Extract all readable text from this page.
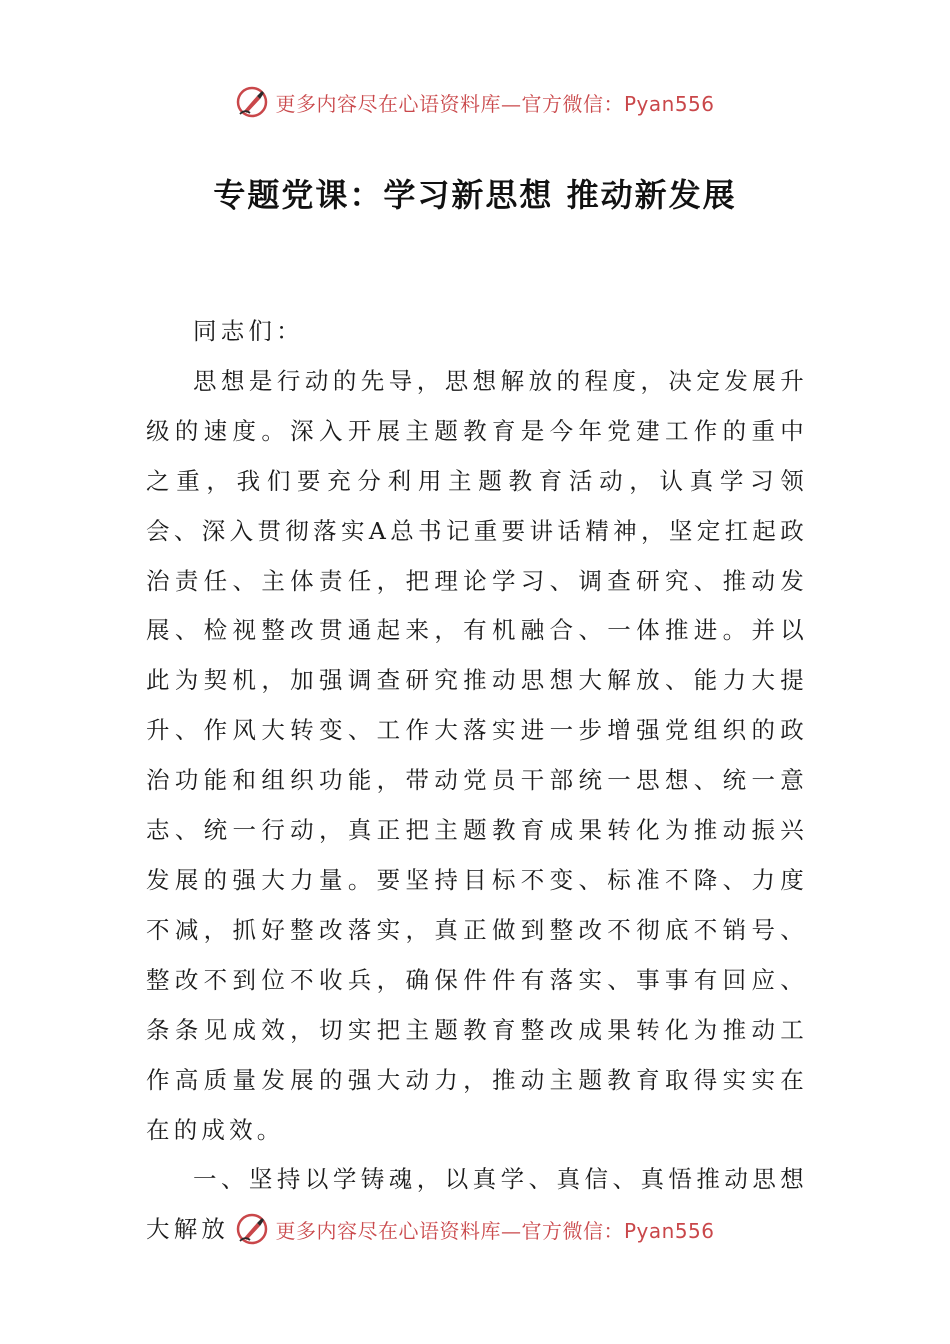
更多内容尽在心语资料库—官方微信：Pyan556
专题党课：学习新思想 推动新发展

同志们：

思想是行动的先导，思想解放的程度，决定发展升级的速度。深入开展主题教育是今年党建工作的重中之重，我们要充分利用主题教育活动，认真学习领会、深入贯彻落实A总书记重要讲话精神，坚定扛起政治责任、主体责任，把理论学习、调查研究、推动发展、检视整改贯通起来，有机融合、一体推进。并以此为契机，加强调查研究推动思想大解放、能力大提升、作风大转变、工作大落实进一步增强党组织的政治功能和组织功能，带动党员干部统一思想、统一意志、统一行动，真正把主题教育成果转化为推动振兴发展的强大力量。要坚持目标不变、标准不降、力度不减，抓好整改落实，真正做到整改不彻底不销号、整改不到位不收兵，确保件件有落实、事事有回应、条条见成效，切实把主题教育整改成果转化为推动工作高质量发展的强大动力，推动主题教育取得实实在在的成效。

一、坚持以学铸魂，以真学、真信、真悟推动思想大解放	更多内容尽在心语资料库—官方微信：Pyan556
